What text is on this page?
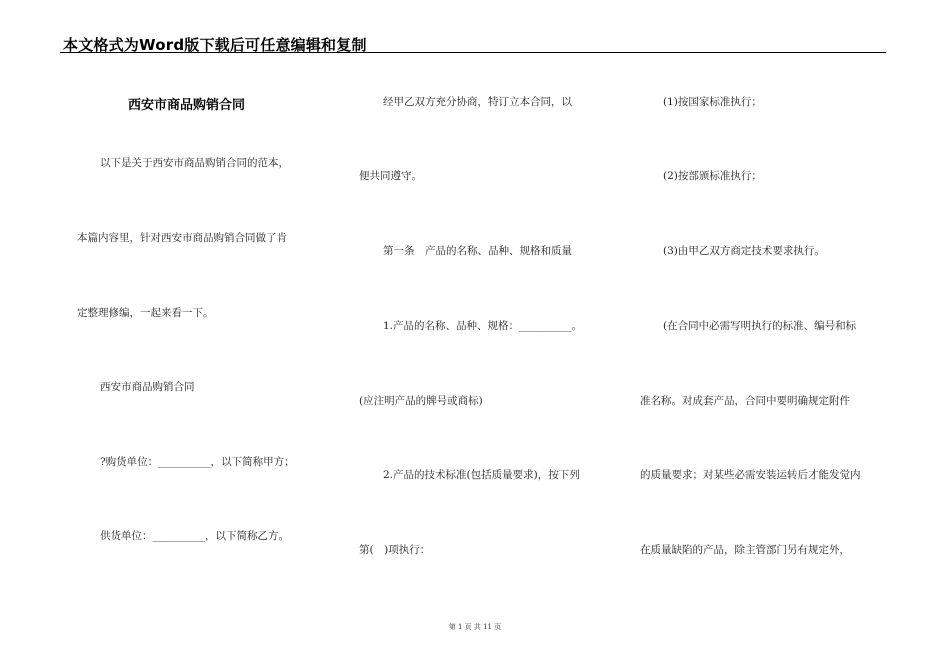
本文格式为Word版下载后可任意编辑和复制
西安市商品购销合同
以下是关于西安市商品购销合同的范本，
本篇内容里，针对西安市商品购销合同做了肯
定整理修编，一起来看一下。
西安市商品购销合同
?购货单位：__________，以下简称甲方；
供货单位：__________，以下简称乙方。
经甲乙双方充分协商，特订立本合同，以
便共同遵守。
第一条　产品的名称、品种、规格和质量
1.产品的名称、品种、规格：__________。
(应注明产品的牌号或商标)
2.产品的技术标准(包括质量要求)，按下列
第(　)项执行：
(1)按国家标准执行；
(2)按部颁标准执行；
(3)由甲乙双方商定技术要求执行。
(在合同中必需写明执行的标准、编号和标
准名称。对成套产品，合同中要明确规定附件
的质量要求；对某些必需安装运转后才能发觉内
在质量缺陷的产品，除主管部门另有规定外，
第 1 页 共 11 页
